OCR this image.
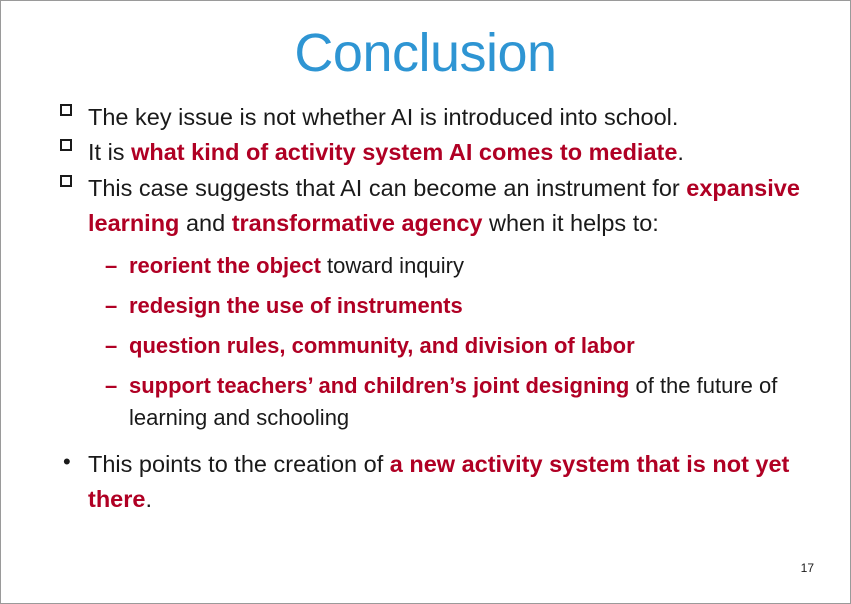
Conclusion
The key issue is not whether AI is introduced into school.
It is what kind of activity system AI comes to mediate.
This case suggests that AI can become an instrument for expansive learning and transformative agency when it helps to:
– reorient the object toward inquiry
– redesign the use of instruments
– question rules, community, and division of labor
– support teachers’ and children’s joint designing of the future of learning and schooling
• This points to the creation of a new activity system that is not yet there.
17
